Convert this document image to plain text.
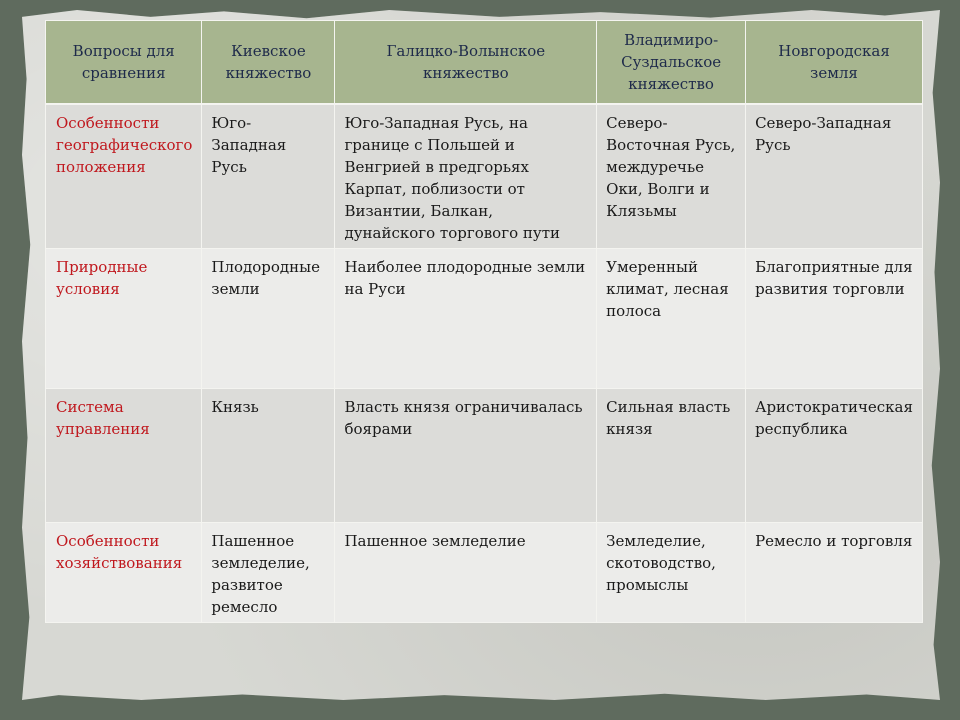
Вопросы для сравнения	Киевское княжество	Галицко-Волынское княжество	Владимиро-Суздальское княжество	Новгородская земля
Особенности географического положения	Юго-Западная Русь	Юго-Западная Русь, на границе с Польшей и Венгрией в предгорьях Карпат, поблизости от Византии, Балкан, дунайского торгового пути	Северо-Восточная Русь, междуречье Оки, Волги и Клязьмы	Северо-Западная Русь
Природные условия	Плодородные земли	Наиболее плодородные земли на Руси	Умеренный климат, лесная полоса	Благоприятные для развития торговли
Система управления	Князь	Власть князя ограничивалась боярами	Сильная власть князя	Аристократическая республика
Особенности хозяйствования	Пашенное земледелие, развитое ремесло	Пашенное земледелие	Земледелие, скотоводство, промыслы	Ремесло и торговля
